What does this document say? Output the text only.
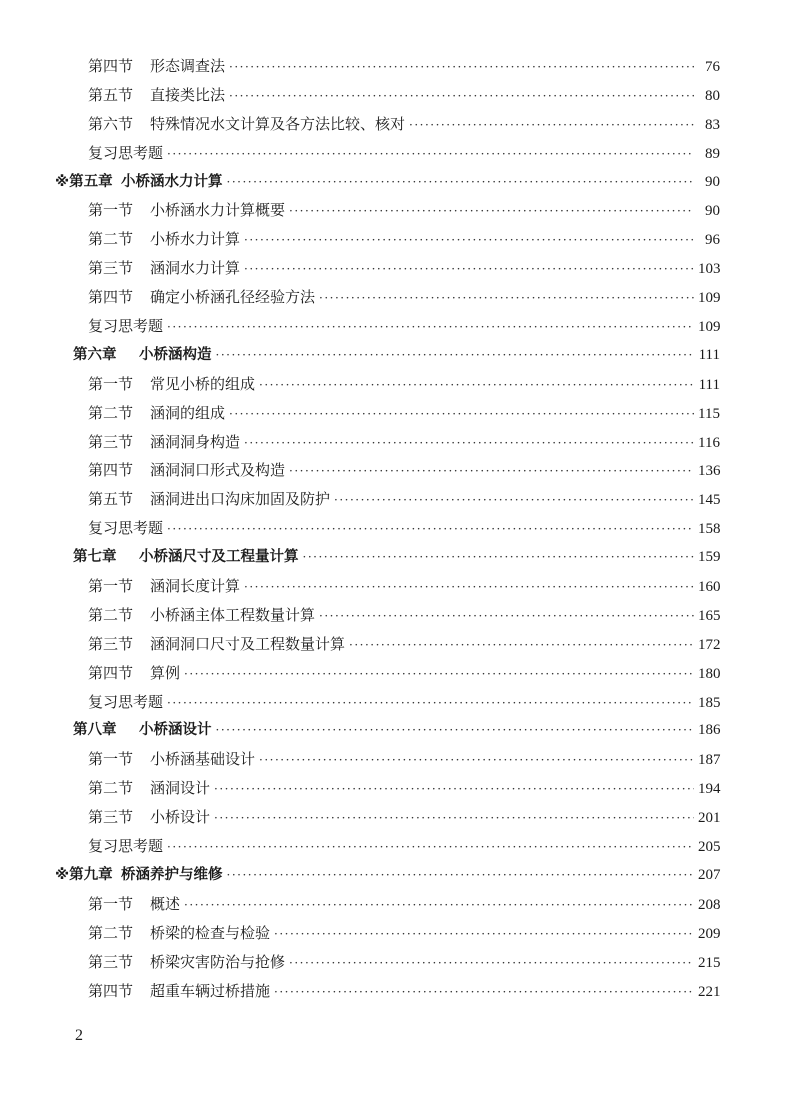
第四节	形态调查法 ·····	76
第五节	直接类比法 ·····	80
第六节	特殊情况水文计算及各方法比较、核对 ·····	83
复习思考题 ·····	89
※第五章 小桥涵水力计算 ·····	90
第一节	小桥涵水力计算概要 ·····	90
第二节	小桥水力计算 ·····	96
第三节	涵洞水力计算 ·····	103
第四节	确定小桥涵孔径经验方法 ·····	109
复习思考题 ·····	109
第六章	小桥涵构造 ·····	111
第一节	常见小桥的组成 ·····	111
第二节	涵洞的组成 ·····	115
第三节	涵洞洞身构造 ·····	116
第四节	涵洞洞口形式及构造 ·····	136
第五节	涵洞进出口沟床加固及防护 ·····	145
复习思考题 ·····	158
第七章	小桥涵尺寸及工程量计算 ·····	159
第一节	涵洞长度计算 ·····	160
第二节	小桥涵主体工程数量计算 ·····	165
第三节	涵洞洞口尺寸及工程数量计算 ·····	172
第四节	算例 ·····	180
复习思考题 ·····	185
第八章	小桥涵设计 ·····	186
第一节	小桥涵基础设计 ·····	187
第二节	涵洞设计 ·····	194
第三节	小桥设计 ·····	201
复习思考题 ·····	205
※第九章 桥涵养护与维修 ·····	207
第一节	概述 ·····	208
第二节	桥梁的检查与检验 ·····	209
第三节	桥梁灾害防治与抢修 ·····	215
第四节	超重车辆过桥措施 ·····	221
2
